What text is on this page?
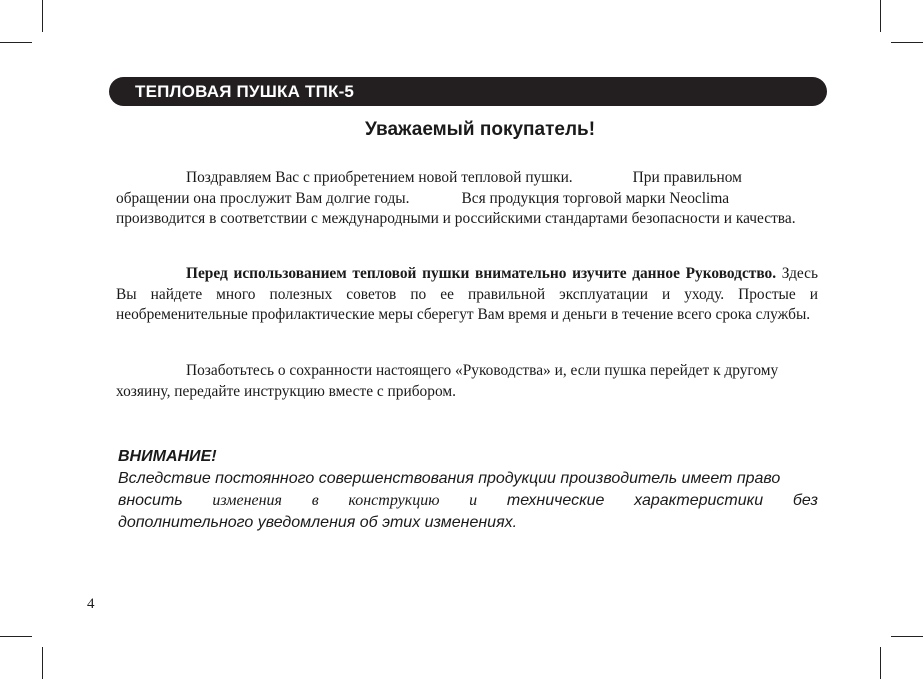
ТЕПЛОВАЯ ПУШКА ТПК-5
Уважаемый покупатель!
Поздравляем Вас с приобретением новой тепловой пушки.	При правильном
обращении она прослужит Вам долгие годы.	Вся продукция торговой марки Neoclima
производится в соответствии с международными и российскими стандартами безопасности и качества.
Перед использованием тепловой пушки внимательно изучите данное Руководство. Здесь Вы найдете много полезных советов по ее правильной эксплуатации и уходу. Простые и необременительные профилактические меры сберегут Вам время и деньги в течение всего срока службы.
Позаботьтесь о сохранности настоящего «Руководства» и, если пушка перейдет к другому хозяину, передайте инструкцию вместе с прибором.
ВНИМАНИЕ!
Вследствие постоянного совершенствования продукции производитель имеет право
вносить изменения в конструкцию и технические характеристики без
дополнительного уведомления об этих изменениях.
4
